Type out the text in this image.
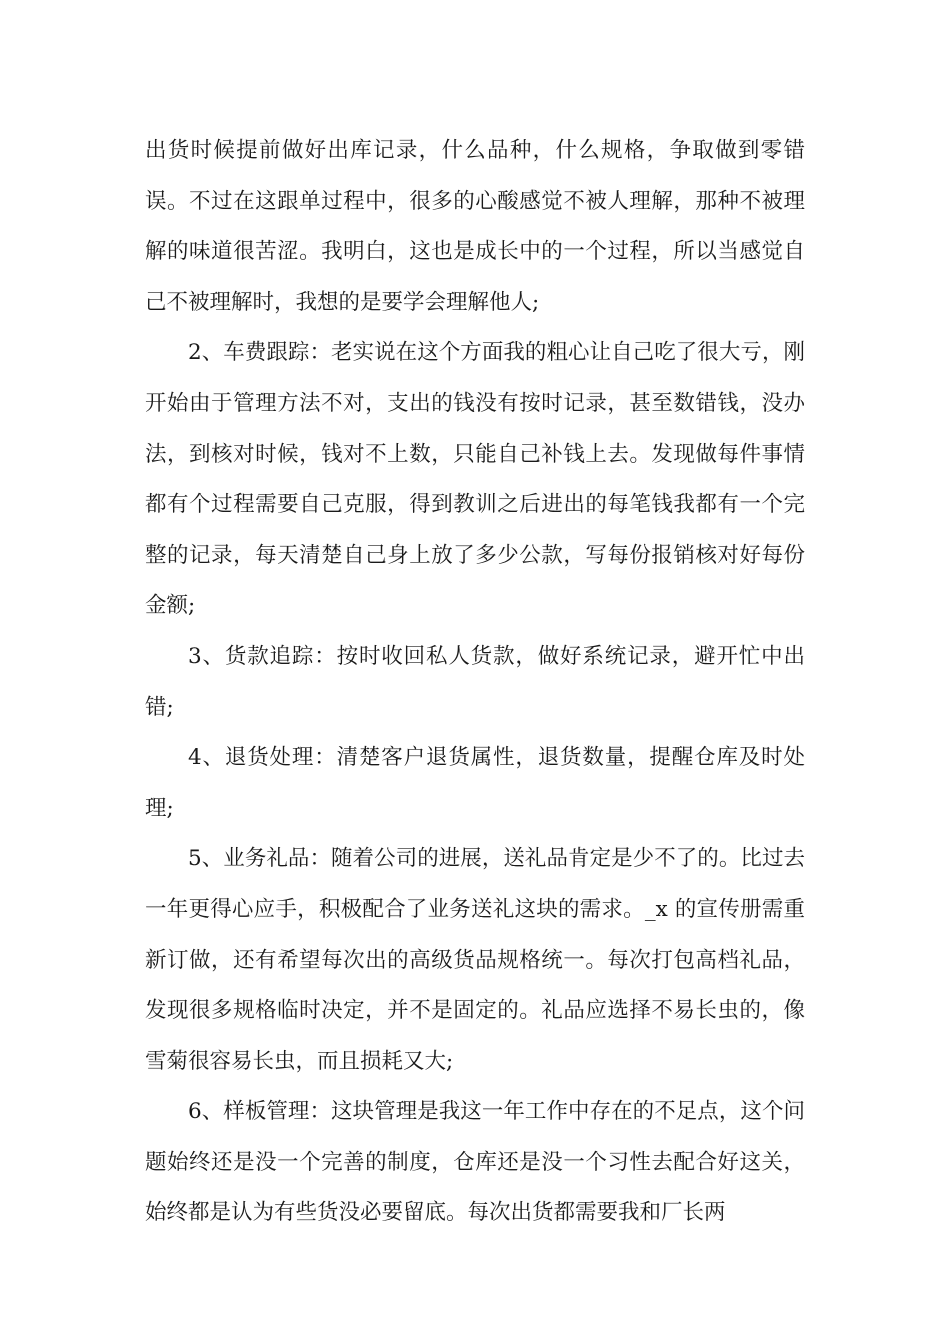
出货时候提前做好出库记录，什么品种，什么规格，争取做到零错误。不过在这跟单过程中，很多的心酸感觉不被人理解，那种不被理解的味道很苦涩。我明白，这也是成长中的一个过程，所以当感觉自己不被理解时，我想的是要学会理解他人;

2、车费跟踪：老实说在这个方面我的粗心让自己吃了很大亏，刚开始由于管理方法不对，支出的钱没有按时记录，甚至数错钱，没办法，到核对时候，钱对不上数，只能自己补钱上去。发现做每件事情都有个过程需要自己克服，得到教训之后进出的每笔钱我都有一个完整的记录，每天清楚自己身上放了多少公款，写每份报销核对好每份金额;

3、货款追踪：按时收回私人货款，做好系统记录，避开忙中出错;

4、退货处理：清楚客户退货属性，退货数量，提醒仓库及时处理;

5、业务礼品：随着公司的进展，送礼品肯定是少不了的。比过去一年更得心应手，积极配合了业务送礼这块的需求。_x 的宣传册需重新订做，还有希望每次出的高级货品规格统一。每次打包高档礼品，发现很多规格临时决定，并不是固定的。礼品应选择不易长虫的，像雪菊很容易长虫，而且损耗又大;

6、样板管理：这块管理是我这一年工作中存在的不足点，这个问题始终还是没一个完善的制度，仓库还是没一个习性去配合好这关，始终都是认为有些货没必要留底。每次出货都需要我和厂长两
